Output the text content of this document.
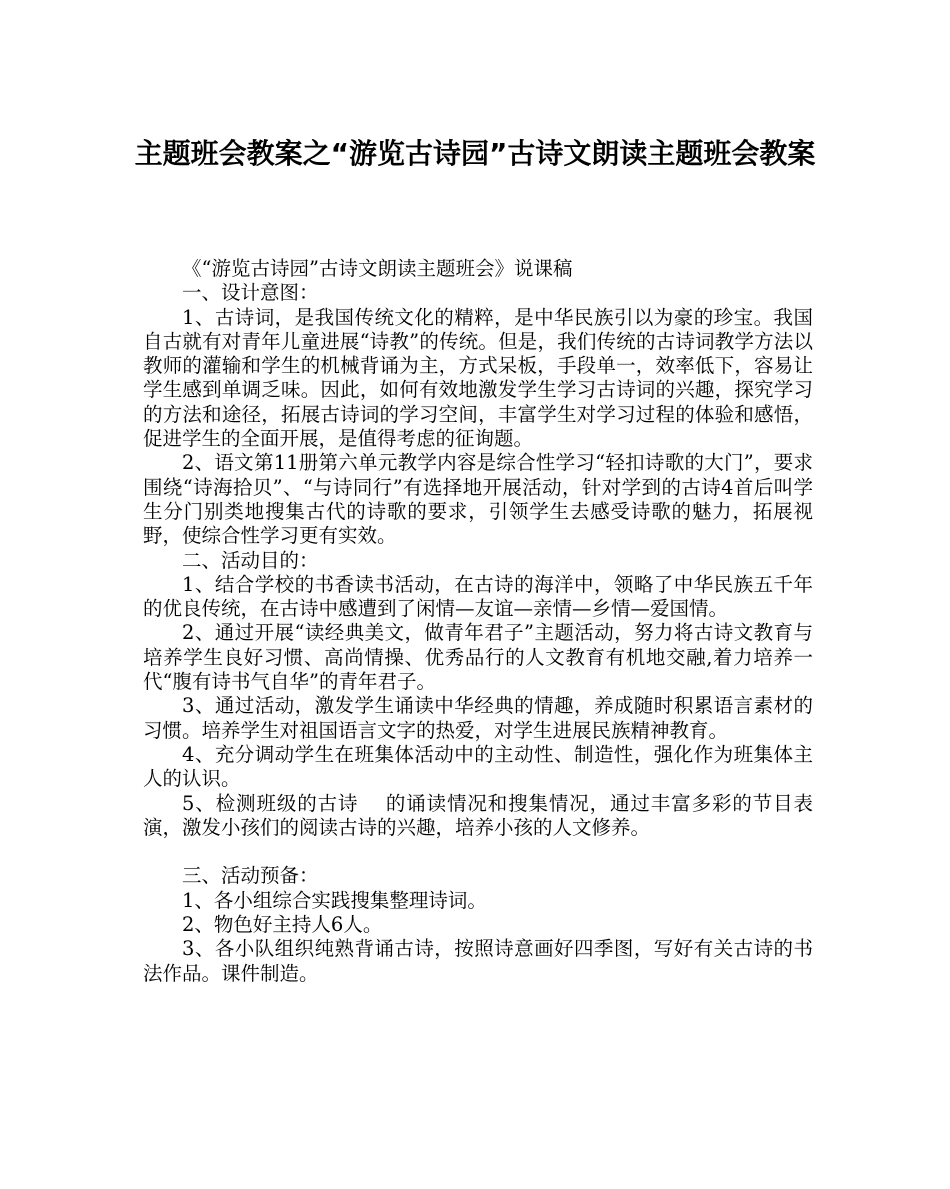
主题班会教案之“游览古诗园”古诗文朗读主题班会教案

《“游览古诗园”古诗文朗读主题班会》说课稿

一、设计意图：

1、古诗词，是我国传统文化的精粹，是中华民族引以为豪的珍宝。我国自古就有对青年儿童进展“诗教”的传统。但是，我们传统的古诗词教学方法以教师的灌输和学生的机械背诵为主，方式呆板，手段单一，效率低下，容易让学生感到单调乏味。因此，如何有效地激发学生学习古诗词的兴趣，探究学习的方法和途径，拓展古诗词的学习空间，丰富学生对学习过程的体验和感悟，促进学生的全面开展，是值得考虑的征询题。

2、语文第11册第六单元教学内容是综合性学习“轻扣诗歌的大门”，要求围绕“诗海拾贝”、“与诗同行”有选择地开展活动，针对学到的古诗4首后叫学生分门别类地搜集古代的诗歌的要求，引领学生去感受诗歌的魅力，拓展视野，使综合性学习更有实效。

二、活动目的：

1、结合学校的书香读书活动，在古诗的海洋中，领略了中华民族五千年的优良传统，在古诗中感遭到了闲情—友谊—亲情—乡情—爱国情。

2、通过开展“读经典美文，做青年君子”主题活动，努力将古诗文教育与培养学生良好习惯、高尚情操、优秀品行的人文教育有机地交融,着力培养一代“腹有诗书气自华”的青年君子。

3、通过活动，激发学生诵读中华经典的情趣，养成随时积累语言素材的习惯。培养学生对祖国语言文字的热爱，对学生进展民族精神教育。

4、充分调动学生在班集体活动中的主动性、制造性，强化作为班集体主人的认识。

5、检测班级的古诗　 的诵读情况和搜集情况，通过丰富多彩的节目表演，激发小孩们的阅读古诗的兴趣，培养小孩的人文修养。

三、活动预备：

1、各小组综合实践搜集整理诗词。

2、物色好主持人6人。

3、各小队组织纯熟背诵古诗，按照诗意画好四季图，写好有关古诗的书法作品。课件制造。
